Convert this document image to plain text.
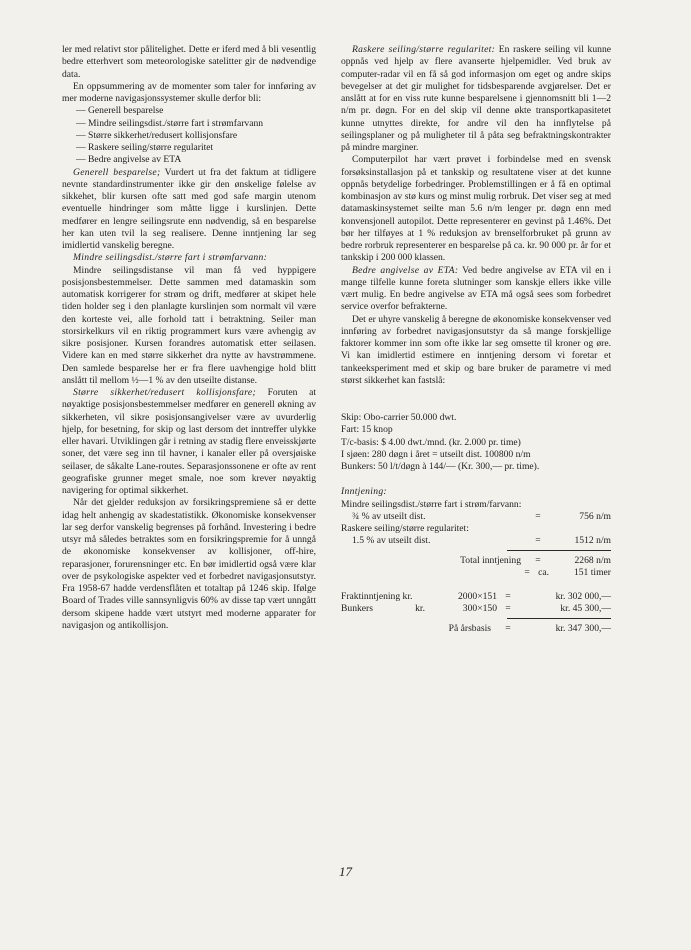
ler med relativt stor pålitelighet. Dette er iferd med å bli vesentlig bedre etterhvert som meteorologiske satelitter gir de nødvendige data.

En oppsummering av de momenter som taler for innføring av mer moderne navigasjonssystemer skulle derfor bli:

— Generell besparelse
— Mindre seilingsdist./større fart i strømfarvann
— Større sikkerhet/redusert kollisjonsfare
— Raskere seiling/større regularitet
— Bedre angivelse av ETA

Generell besparelse; Vurdert ut fra det faktum at tidligere nevnte standardinstrumenter ikke gir den ønskelige følelse av sikkehet, blir kursen ofte satt med god safe margin utenom eventuelle hindringer som måtte ligge i kurslinjen. Dette medfører en lengre seilingsrute enn nødvendig, så en besparelse her kan uten tvil la seg realisere. Denne inntjening lar seg imidlertid vanskelig beregne.

Mindre seilingsdist./større fart i strømfarvann:

Mindre seilingsdistanse vil man få ved hyppigere posisjonsbestemmelser. Dette sammen med datamaskin som automatisk korrigerer for strøm og drift, medfører at skipet hele tiden holder seg i den planlagte kurslinjen som normalt vil være den korteste vei, alle forhold tatt i betraktning. Seiler man storsirkelkurs vil en riktig programmert kurs være avhengig av sikre posisjoner. Kursen forandres automatisk etter seilasen. Videre kan en med større sikkerhet dra nytte av havstrømmene. Den samlede besparelse her er fra flere uavhengige hold blitt anslått til mellom ½—1 % av den utseilte distanse.

Større sikkerhet/redusert kollisjonsfare; Foruten at nøyaktige posisjonsbestemmelser medfører en generell økning av sikkerheten, vil sikre posisjonsangivelser være av uvurderlig hjelp, for besetning, for skip og last dersom det inntreffer ulykke eller havari. Utviklingen går i retning av stadig flere enveisskjørte soner, det være seg inn til havner, i kanaler eller på oversjøiske seilaser, de såkalte Lane-routes. Separasjonssonene er ofte av rent geografiske grunner meget smale, noe som krever nøyaktig navigering for optimal sikkerhet.

Når det gjelder reduksjon av forsikringspremiene så er dette idag helt anhengig av skadestatistikk. Økonomiske konsekvenser lar seg derfor vanskelig begrenses på forhånd. Investering i bedre utsyr må således betraktes som en forsikringspremie for å unngå de økonomiske konsekvenser av kollisjoner, off-hire, reparasjoner, forurensninger etc. En bør imidlertid også være klar over de psykologiske aspekter ved et forbedret navigasjonsutstyr. Fra 1958-67 hadde verdensflåten et totaltap på 1246 skip. Ifølge Board of Trades ville sannsynligvis 60% av disse tap vært unngått dersom skipene hadde vært utstyrt med moderne apparater for navigasjon og antikollisjon.

Raskere seiling/større regularitet: En raskere seiling vil kunne oppnås ved hjelp av flere avanserte hjelpemidler. Ved bruk av computer-radar vil en få så god informasjon om eget og andre skips bevegelser at det gir mulighet for tidsbesparende avgjørelser. Det er anslått at for en viss rute kunne besparelsene i gjennomsnitt bli 1—2 n/m pr. døgn. For en del skip vil denne økte transportkapasitetet kunne utnyttes direkte, for andre vil den ha innflytelse på seilingsplaner og på muligheter til å påta seg befraktningskontrakter på mindre marginer.

Computerpilot har vært prøvet i forbindelse med en svensk forsøksinstallasjon på et tankskip og resultatene viser at det kunne oppnås betydelige forbedringer. Problemstillingen er å få en optimal kombinasjon av stø kurs og minst mulig rorbruk. Det viser seg at med datamaskinsystemet seilte man 5.6 n/m lenger pr. døgn enn med konvensjonell autopilot. Dette representerer en gevinst på 1.46%. Det bør her tilføyes at 1 % reduksjon av brenselforbruket på grunn av bedre rorbruk representerer en besparelse på ca. kr. 90 000 pr. år for et tankskip i 200 000 klassen.

Bedre angivelse av ETA: Ved bedre angivelse av ETA vil en i mange tilfelle kunne foreta slutninger som kanskje ellers ikke ville vært mulig. En bedre angivelse av ETA må også sees som forbedret service overfor befrakterne.

Det er uhyre vanskelig å beregne de økonomiske konsekvenser ved innføring av forbedret navigasjonsutstyr da så mange forskjellige faktorer kommer inn som ofte ikke lar seg omsette til kroner og øre. Vi kan imidlertid estimere en inntjening dersom vi foretar et tankeeksperiment med et skip og bare bruker de parametre vi med størst sikkerhet kan fastslå:

Skip: Obo-carrier 50.000 dwt.

Fart: 15 knop

T/c-basis: $ 4.00 dwt./mnd. (kr. 2.000 pr. time)

I sjøen: 280 døgn i året = utseilt dist. 100800 n/m

Bunkers: 50 l/t/døgn à 144/— (Kr. 300,— pr. time).

Inntjening:
Mindre seilingsdist./større fart i strøm/farvann:
¾ % av utseilt dist.	=	756 n/m
Raskere seiling/større regularitet:
1.5 % av utseilt dist.	=	1512 n/m
Total inntjening	=	2268 n/m
= ca.	151 timer
Fraktinntjening kr.	2000×151 =	kr. 302 000,—
Bunkers	kr.	300×150 =	kr. 45 300,—
På årsbasis	=	kr. 347 300,—
17
